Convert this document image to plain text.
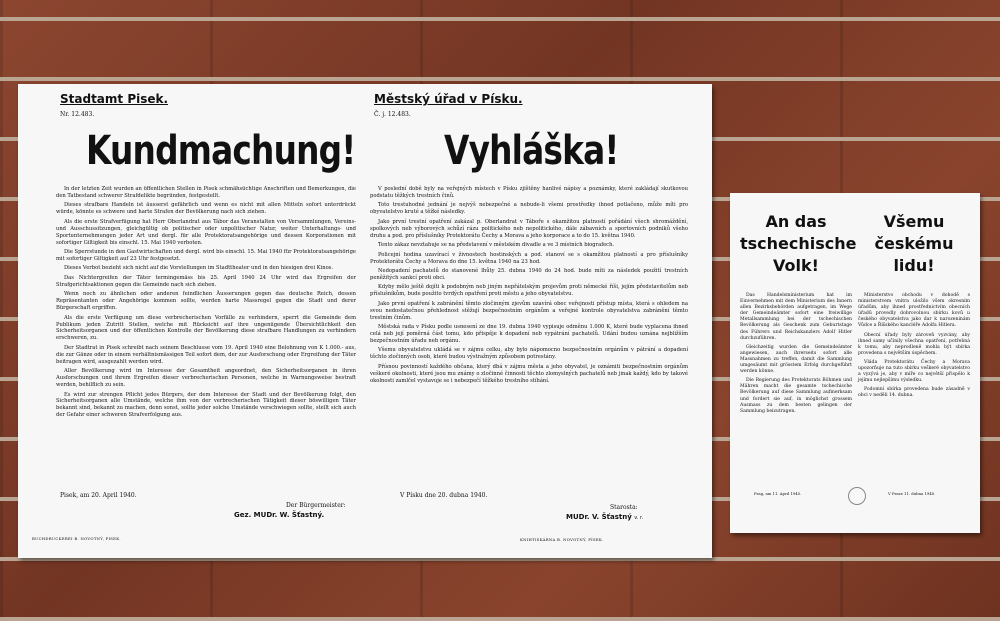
Stadtamt Pisek.
Nr. 12.483.
Kundmachung!

In der letzten Zeit wurden an öffentlichen Stellen in Pisek schmähsüchtige Anschriften und Bemerkungen, die den Tatbestand schwerer Strafdelikte begründen, festgestellt.

Dieses strafbare Handeln ist äusserst gefährlich und wenn es nicht mit allen Mitteln sofort unterdrückt würde, könnte es schwere und harte Strafen der Bevölkerung nach sich ziehen.

Als die erste Strafverfügung hat Herr Oberlandrat aus Tábor das Veranstalten von Versammlungen, Vereins- und Ausschussitzungen, gleichgültig ob politischer oder unpolitischer Natur, weiter Unterhaltungs- und Sportunternehmungen jeder Art und dergl. für alle Protektoratsangehörige und dessen Korporationen mit sofortiger Giltigkeit bis einschl. 15. Mai 1940 verboten.

Die Sperrstunde in den Gastwirtschaften und dergl. wird bis einschl. 15. Mai 1940 für Protektoratsangehörige mit sofortiger Giltigkeit auf 23 Uhr festgesetzt.

Dieses Verbot bezieht sich nicht auf die Vorstellungen im Stadttheater und in den hiesigen drei Kinos.

Das Nichtergreifen der Täter termingemäss bis 25. April 1940 24 Uhr wird das Ergreifen der Strafgerichtsaktionen gegen die Gemeinde nach sich ziehen.

Wenn noch zu ähnlichen oder anderen feindlichen Äusserungen gegen das deutsche Reich, dessen Repräsentanten oder Angehörige kommen sollte, werden harte Massregel gegen die Stadt und derer Bürgerschaft ergriffen.

Als die erste Verfügung um diese verbrecherischen Vorfälle zu verhindern, sperrt die Gemeinde dem Publikum jeden Zutritt Stellen, welche mit Rücksicht auf ihre ungenügende Übersichtlichkeit den Sicherheitsorganen und der öffentlichen Kontrolle der Bevölkerung diese strafbare Handlungen zu verhindern erschweren, zu.

Der Stadtrat in Pisek schreibt nach seinem Beschlusse vom 19. April 1940 eine Belohnung von K 1.000.- aus, die zur Gänze oder in einem verhältnismässigen Teil sofort dem, der zur Ausforschung oder Ergreifung der Täter beitragen wird, ausgezahlt werden wird.

Aller Bevölkerung wird im Interesse der Gesamtheit angeordnet, den Sicherheitsorganen in ihren Ausforschungen und ihrem Ergreifen dieser verbrecherischen Personen, welche in Warnungsweise bestraft werden, behilflich zu sein.

Es wird zur strengen Pflicht jedes Bürgers, der dem Interesse der Stadt und der Bevölkerung folgt, den Sicherheitsorganen alle Umstände, welche ihm von der verbrecherischen Tätigkeit dieser böswilligen Täter bekannt sind, bekannt zu machen, denn sonst, sollte jeder solche Umstände verschwiegen sollte, stellt sich auch der Gefahr einer schweren Strafverfolgung aus.

Pisek, am 20. April 1940.
Der Bürgermeister:
Gez. MUDr. W. Šťastný.
BUCHDRUCKEREI B. NOVOTNÝ, PISEK.
Městský úřad v Písku.
Č. j. 12.483.
Vyhláška!

V poslední době byly na veřejných místech v Písku zjištěny hanlivé nápisy a poznámky, které zakládají skutkovou podstatu těžkých trestních činů.

Toto trestuhodné jednání je nejvýš nebezpečné a nebude-li všemi prostředky ihned potlačeno, může míti pro obyvatelstvo kruté a těžké následky.

Jako první trestní opatření zakázal p. Oberlandrat v Táboře s okamžitou platností pořádání všech shromáždění, spolkových neb výborových schůzí rázu politického neb nepolitického, dále zábavních a sportovních podniků všeho druhu a pod. pro příslušníky Protektorátu Čechy a Morava a jeho korporace a to do 15. května 1940.

Tento zákaz nevztahuje se na představení v městském divadle a ve 3 místních biografech.

Policejní hodina uzavírací v živnostech hostinských a pod. stanoví se s okamžitou platností a pro příslušníky Protektorátu Čechy a Morava do dne 15. května 1940 na 23 hod.

Nedopadení pachatelů do stanovené lhůty 25. dubna 1940 do 24 hod. bude míti za následek použití trestních peněžitých sankcí proti obci.

Kdyby mělo ještě dojíti k podobným neb jiným nepřátelským projevům proti německé říši, jejím představitelům neb příslušníkům, bude použito tvrdých opatření proti městu a jeho obyvatelstvu.

Jako první opatření k zabránění těmto zločinným zjevům uzavírá obec veřejnosti přístup místa, která s ohledem na svou nedostatečnou přehlednost stěžují bezpečnostním orgánům a veřejné kontrole obyvatelstva zabránění těmto trestním činům.

Městská rada v Písku podle usnesení ze dne 19. dubna 1940 vypisuje odměnu 1.000 K, které bude vyplacena ihned celá neb její poměrná část tomu, kdo přispěje k dopadení neb vypátrání pachatelů. Udání budou uznána nejbližším bezpečnostním úřadu neb orgánu.

Všemu obyvatelstvu ukládá se v zájmu celku, aby bylo nápomocno bezpečnostním orgánům v pátrání a dopadení těchto zločinných osob, které budou výstražným způsobem potrestány.

Přísnou povinností každého občana, který dbá v zájmu města a jeho obyvatel, je oznámiti bezpečnostním orgánům veškeré okolnosti, které jsou mu známy o zločinné činnosti těchto zlomyslných pachatelů neb jinak každý, kdo by takové okolnosti zamlčel vystavuje se i nebezpečí těžkého trestního stíhání.

V Písku dne 20. dubna 1940.
Starosta:
MUDr. V. Šťastný v. r.
KNIHTISKÁRNA B. NOVOTNÝ, PÍSEK.
An das
tschechische
Volk!

Das Handelsministerium hat im Einvernehmen mit dem Ministerium des Innern allen Bezirksbehörden aufgetragen, im Wege der Gemeindeämter sofort eine freiwillige Metallsammlung bei der tschechischen Bevölkerung als Geschenk zum Geburtstage des Führers und Reichskanzlers Adolf Hitler durchzuführen.

Gleichzeitig wurden die Gemeindeämter angewiesen, auch ihrerseits sofort alle Massnahmen zu treffen, damit die Sammlung umgesäumt mit grösstem Erfolg durchgeführt werden könne.

Die Regierung des Protektorats Böhmen und Mähren macht die gesamte tschechische Bevölkerung auf diese Sammlung aufmerksam und fordert sie auf, in möglichst grossem Ausmass zu dem besten gelingen der Sammlung beizutragen.

Prag, am 11. April 1940.
Všemu
českému
lidu!

Ministerstvo obchodu v dohodě s ministerstvem vnitra uložilo všem okresním úřadům, aby ihned prostřednictvím obecních úřadů provedly dobrovolnou sbírku kovů u českého obyvatelstva jako dar k narozeninám Vůdce a Říšského kancléře Adolfa Hitlera.

Obecní úřady byly zároveň vyzvány, aby ihned samy učinily všechna opatření, potřebná k tomu, aby neprodleně mohla být sbírka provedena s největším úspěchem.

Vláda Protektorátu Čechy a Morava upozorňuje na tuto sbírku veškeré obyvatelstvo a vyzývá je, aby v míře co největší přispělo k jejímu nejlepšímu výsledku.

Podomní sbírka provedena bude zásadně v obci v neděli 14. dubna.

V Praze 11. dubna 1940.
